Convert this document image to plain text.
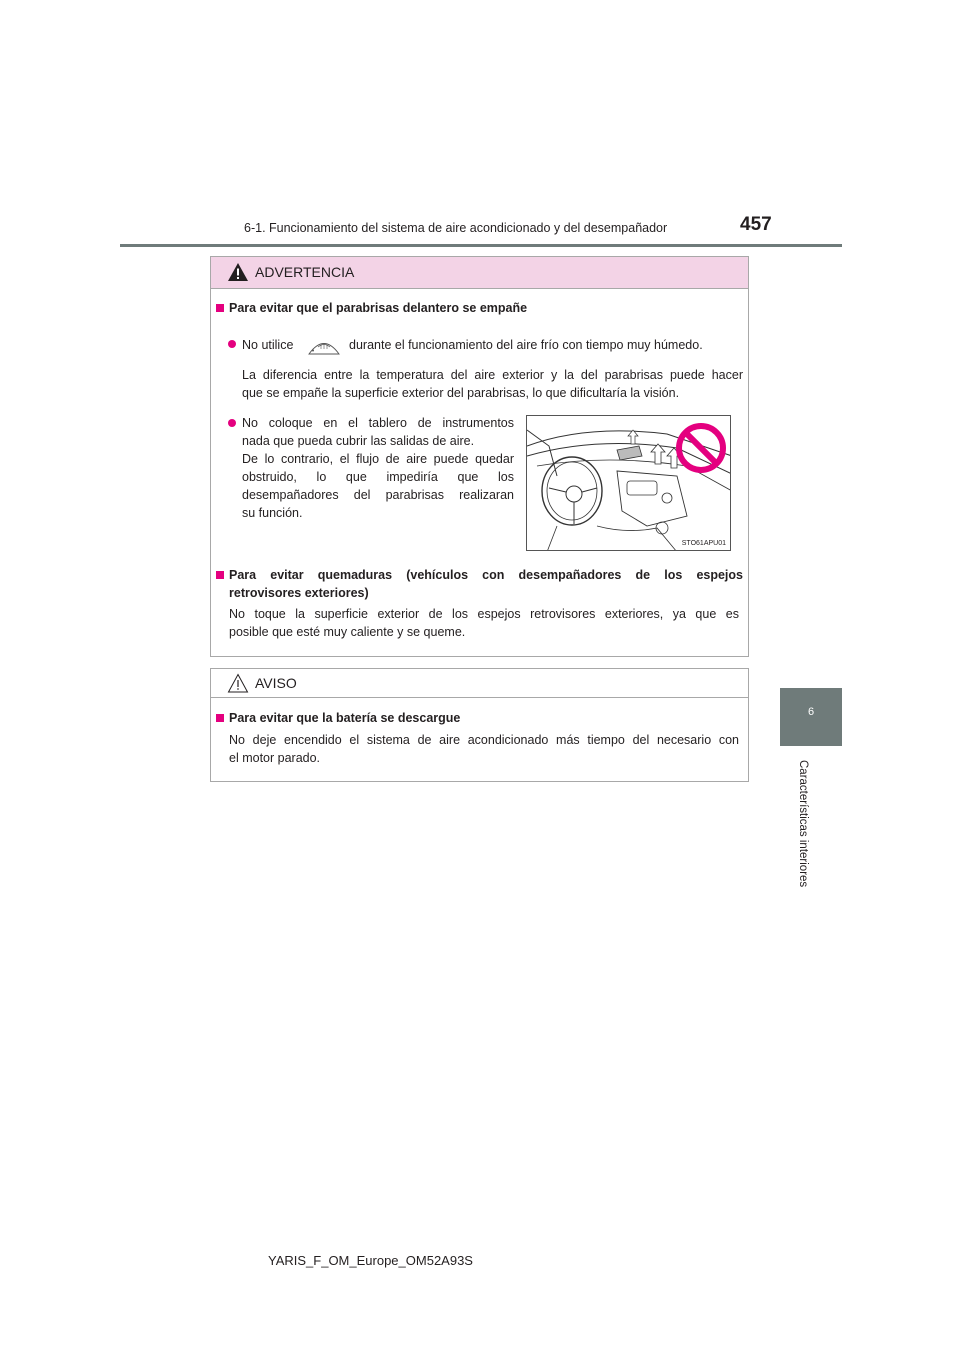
6-1. Funcionamiento del sistema de aire acondicionado y del desempañador	457
6
Características interiores
ADVERTENCIA
Para evitar que el parabrisas delantero se empañe
No utilice	durante el funcionamiento del aire frío con tiempo muy húmedo.
La diferencia entre la temperatura del aire exterior y la del parabrisas puede hacer
que se empañe la superficie exterior del parabrisas, lo que dificultaría la visión.
No coloque en el tablero de instrumentos
nada que pueda cubrir las salidas de aire.
De lo contrario, el flujo de aire puede quedar
obstruido, lo que impediría que los
desempañadores del parabrisas realizaran
su función.
STO61APU01
Para evitar quemaduras (vehículos con desempañadores de los espejos
retrovisores exteriores)
No toque la superficie exterior de los espejos retrovisores exteriores, ya que es
posible que esté muy caliente y se queme.
AVISO
Para evitar que la batería se descargue
No deje encendido el sistema de aire acondicionado más tiempo del necesario con
el motor parado.
YARIS_F_OM_Europe_OM52A93S
